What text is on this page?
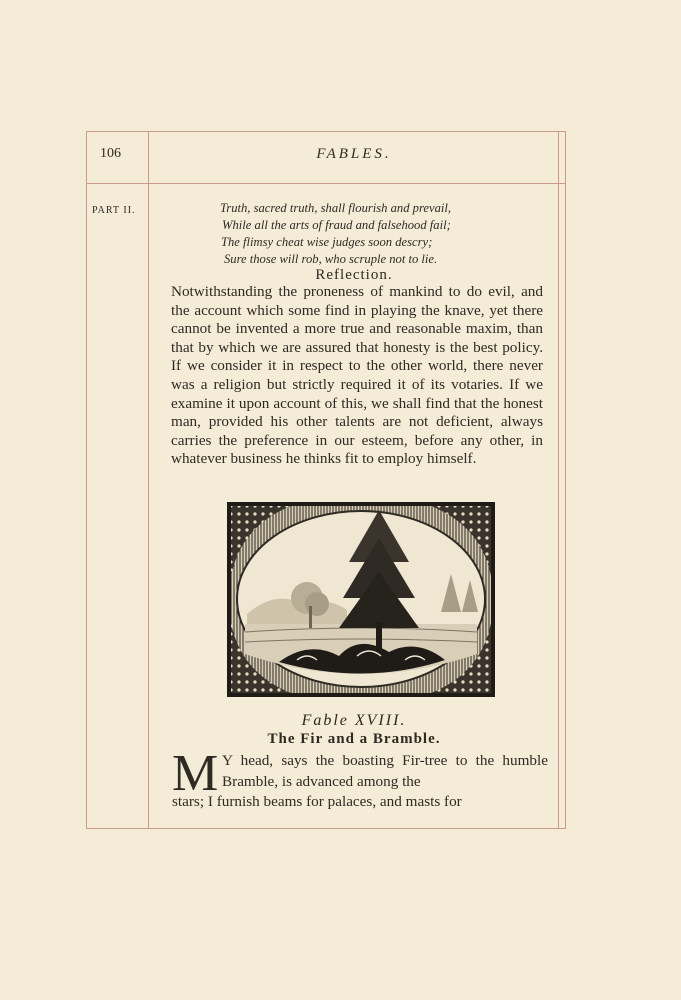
106	FABLES.
PART II.	Truth, sacred truth, shall flourish and prevail,
While all the arts of fraud and falsehood fail;
The flimsy cheat wise judges soon descry;
Sure those will rob, who scruple not to lie.
Reflection.
Notwithstanding the proneness of mankind to do evil, and the account which some find in playing the knave, yet there cannot be invented a more true and reasonable maxim, than that by which we are assured that honesty is the best policy. If we consider it in respect to the other world, there never was a religion but strictly required it of its votaries. If we examine it upon account of this, we shall find that the honest man, provided his other talents are not deficient, always carries the preference in our esteem, before any other, in whatever business he thinks fit to employ himself.
Fable XVIII.
The Fir and a Bramble.
M Y head, says the boasting Fir-tree to the humble Bramble, is advanced among the
stars; I furnish beams for palaces, and masts for
